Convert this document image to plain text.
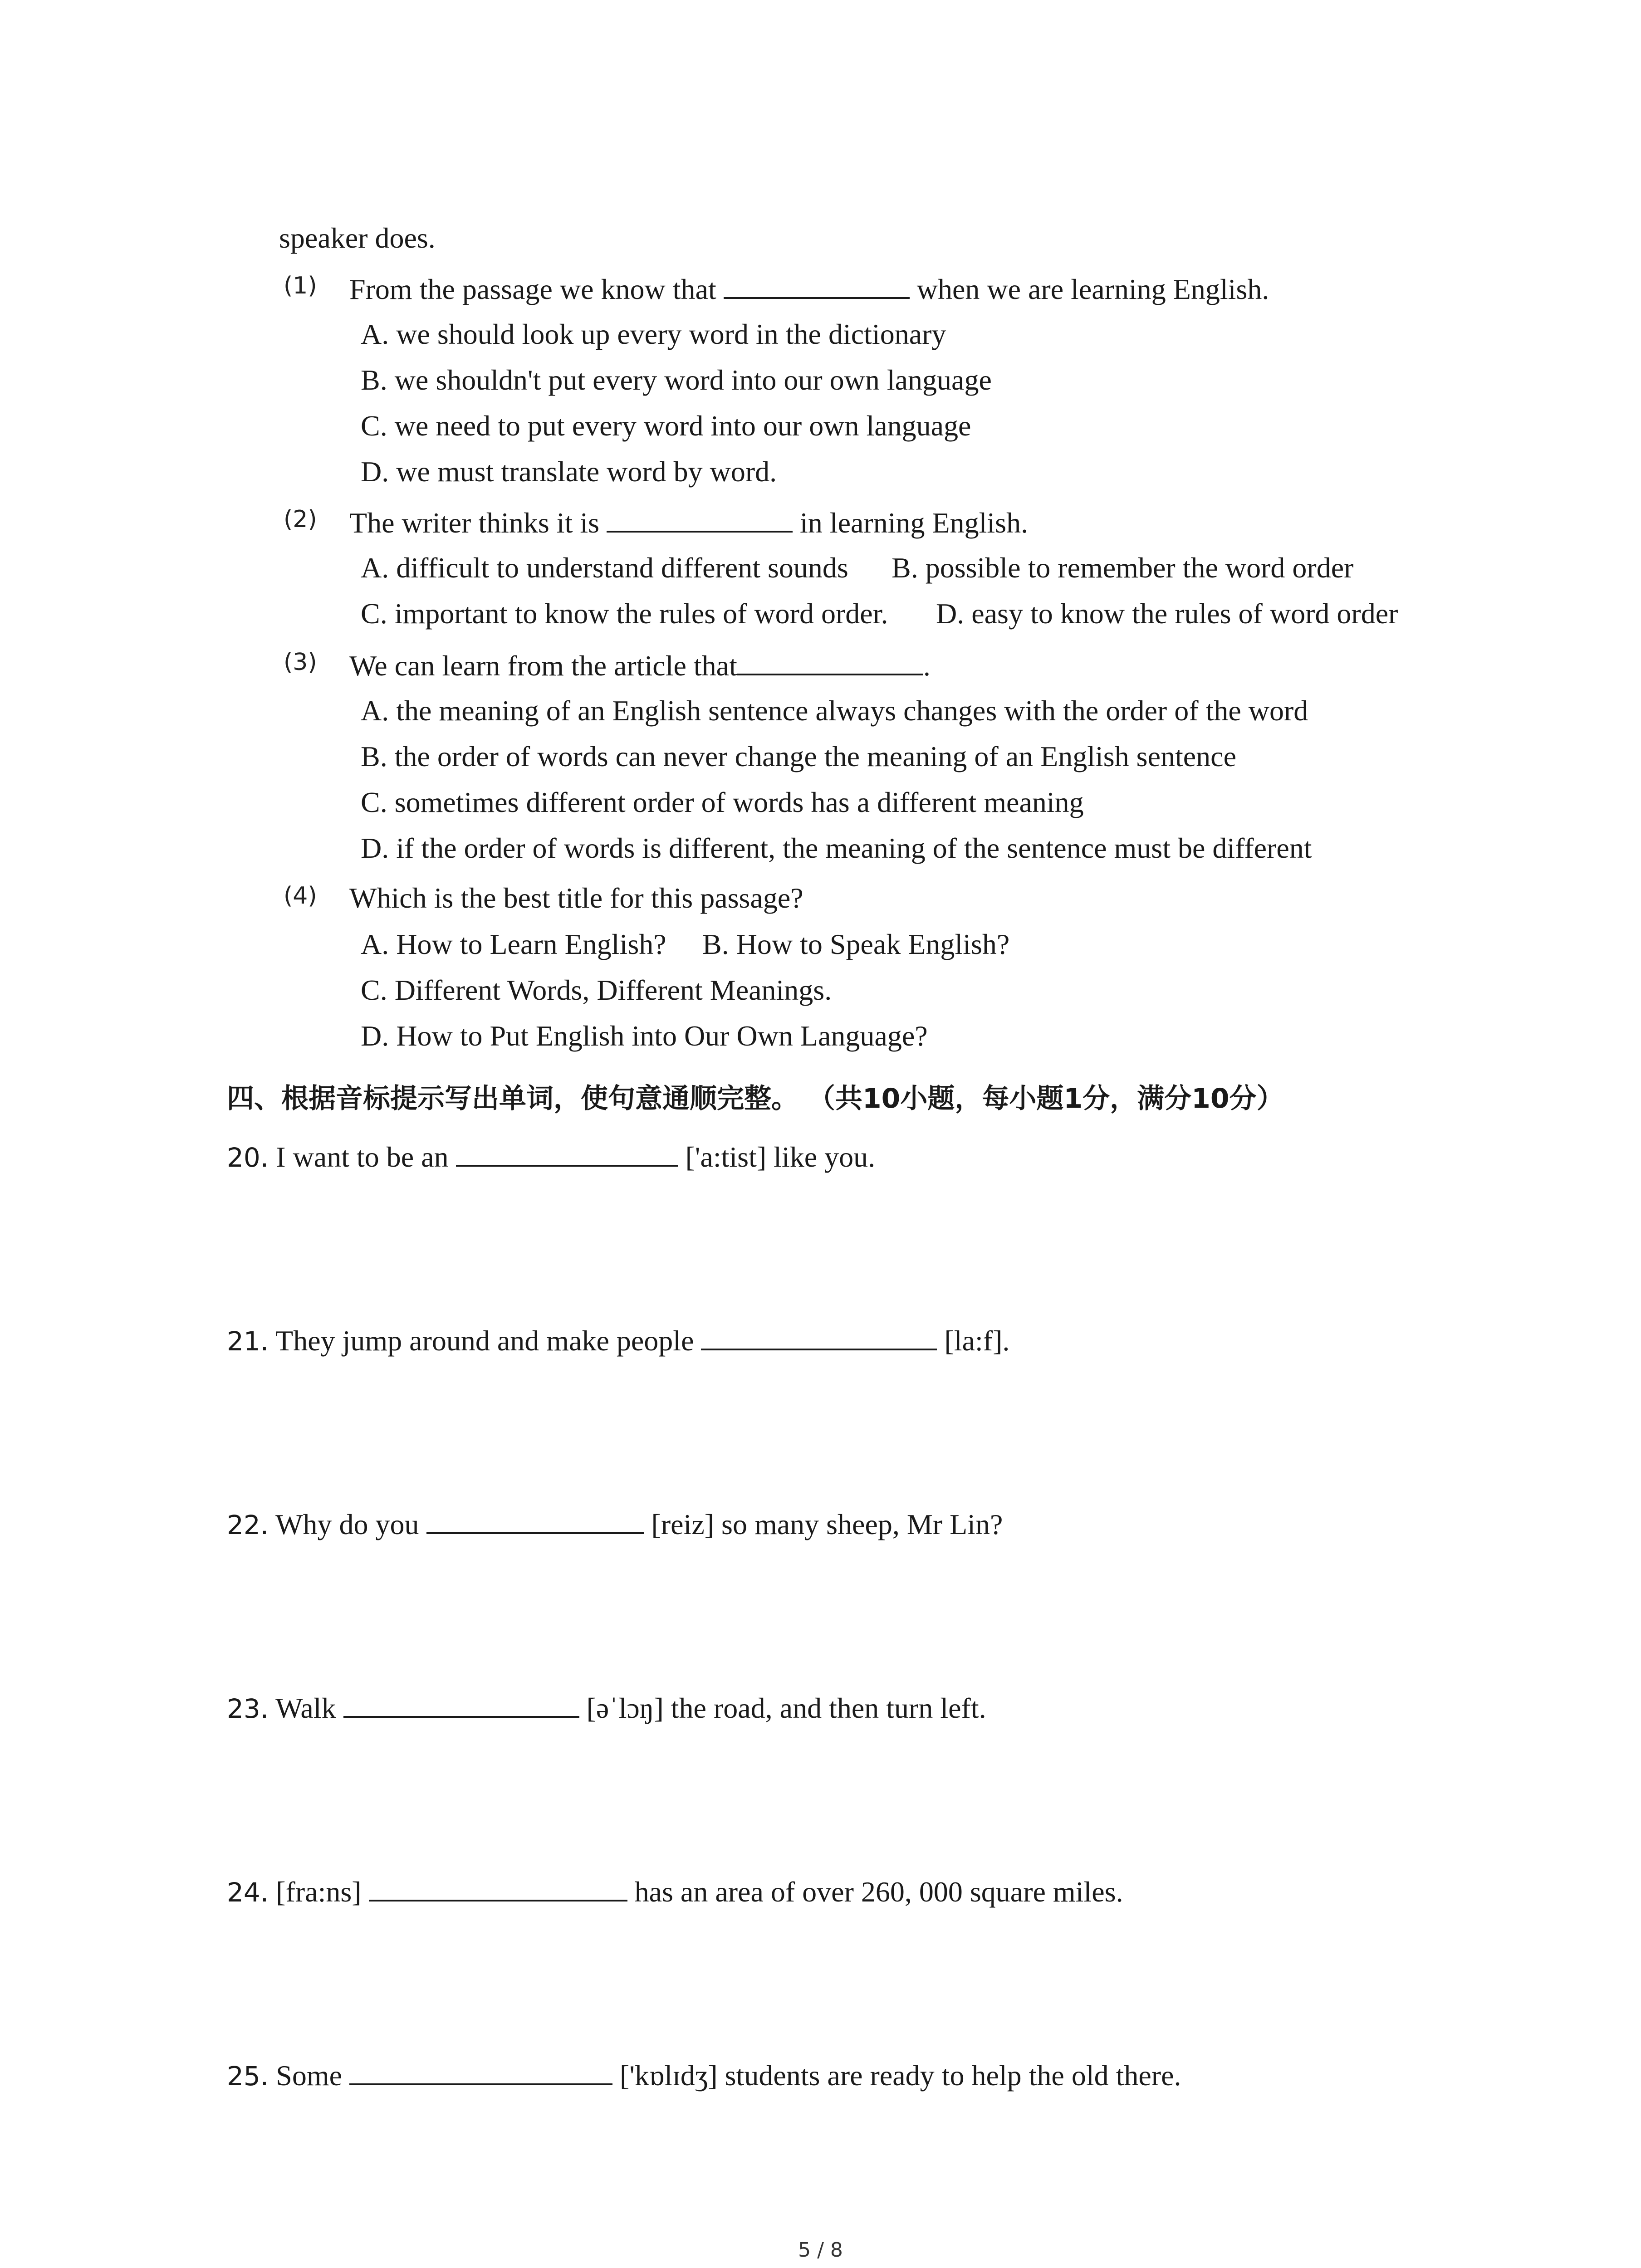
speaker does.
(1) From the passage we know that	when we are learning English.
A. we should look up every word in the dictionary
B. we shouldn't put every word into our own language
C. we need to put every word into our own language
D. we must translate word by word.
(2) The writer thinks it is	in learning English.
A. difficult to understand different sounds B. possible to remember the word order
C. important to know the rules of word order. D. easy to know the rules of word order
(3) We can learn from the article that	.
A. the meaning of an English sentence always changes with the order of the word
B. the order of words can never change the meaning of an English sentence
C. sometimes different order of words has a different meaning
D. if the order of words is different, the meaning of the sentence must be different
(4) Which is the best title for this passage?
A. How to Learn English? B. How to Speak English?
C. Different Words, Different Meanings.
D. How to Put English into Our Own Language?
四、根据音标提示写出单词，使句意通顺完整。 （共10小题，每小题1分，满分10分）
20. I want to be an	['a:tist] like you.
21. They jump around and make people	[la:f].
22. Why do you	[reiz] so many sheep, Mr Lin?
23. Walk	[əˈlɔŋ] the road, and then turn left.
24. [fra:ns]	has an area of over 260, 000 square miles.
25. Some	['kɒlɪdʒ] students are ready to help the old there.
5 / 8
